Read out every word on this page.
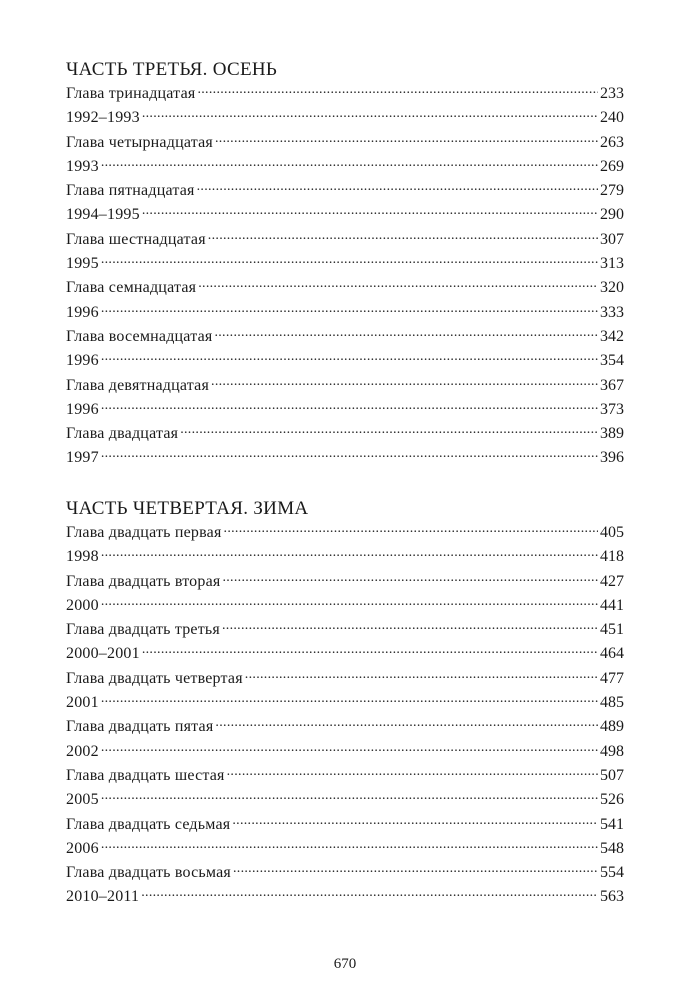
ЧАСТЬ ТРЕТЬЯ. ОСЕНЬ
Глава тринадцатая . . .	233
1992–1993 . . .	240
Глава четырнадцатая . . .	263
1993 . . .	269
Глава пятнадцатая . . .	279
1994–1995 . . .	290
Глава шестнадцатая . . .	307
1995 . . .	313
Глава семнадцатая . . .	320
1996 . . .	333
Глава восемнадцатая . . .	342
1996 . . .	354
Глава девятнадцатая . . .	367
1996 . . .	373
Глава двадцатая . . .	389
1997 . . .	396
ЧАСТЬ ЧЕТВЕРТАЯ. ЗИМА
Глава двадцать первая . . .	405
1998 . . .	418
Глава двадцать вторая . . .	427
2000 . . .	441
Глава двадцать третья . . .	451
2000–2001 . . .	464
Глава двадцать четвертая . . .	477
2001 . . .	485
Глава двадцать пятая . . .	489
2002 . . .	498
Глава двадцать шестая . . .	507
2005 . . .	526
Глава двадцать седьмая . . .	541
2006 . . .	548
Глава двадцать восьмая . . .	554
2010–2011 . . .	563
670
